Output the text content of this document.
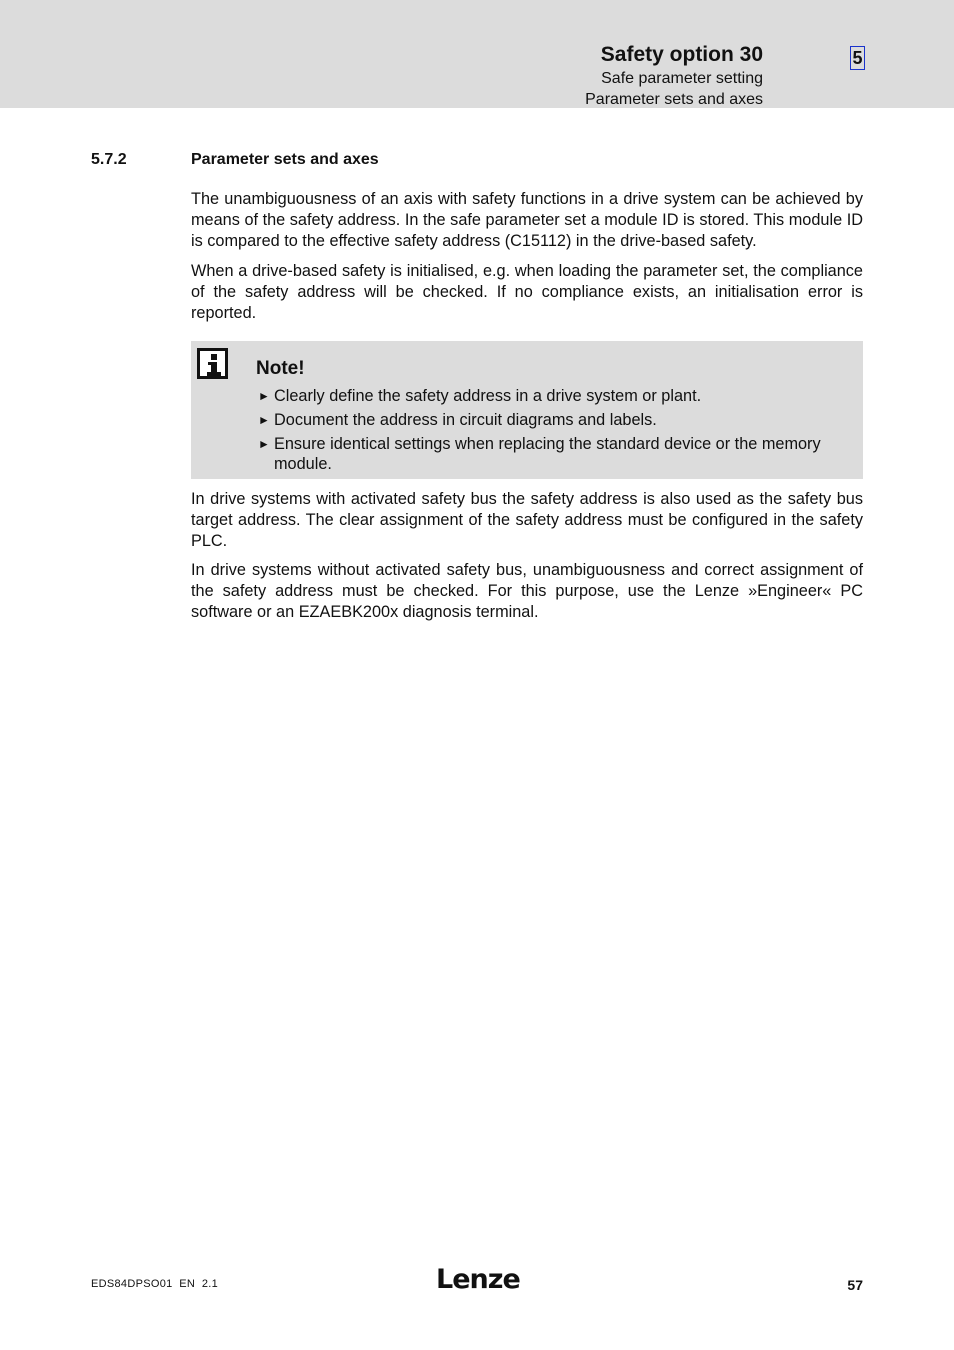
Safety option 30
Safe parameter setting
Parameter sets and axes
5
5.7.2	Parameter sets and axes

The unambiguousness of an axis with safety functions in a drive system can be achieved by means of the safety address. In the safe parameter set a module ID is stored. This module ID is compared to the effective safety address (C15112) in the drive-based safety.

When a drive-based safety is initialised, e.g. when loading the parameter set, the compliance of the safety address will be checked. If no compliance exists, an initialisation error is reported.

Note!
► Clearly define the safety address in a drive system or plant.
► Document the address in circuit diagrams and labels.
► Ensure identical settings when replacing the standard device or the memory module.

In drive systems with activated safety bus the safety address is also used as the safety bus target address. The clear assignment of the safety address must be configured in the safety PLC.

In drive systems without activated safety bus, unambiguousness and correct assignment of the safety address must be checked. For this purpose, use the Lenze »Engineer« PC software or an EZAEBK200x diagnosis terminal.

EDS84DPSO01  EN  2.1	Lenze	57
